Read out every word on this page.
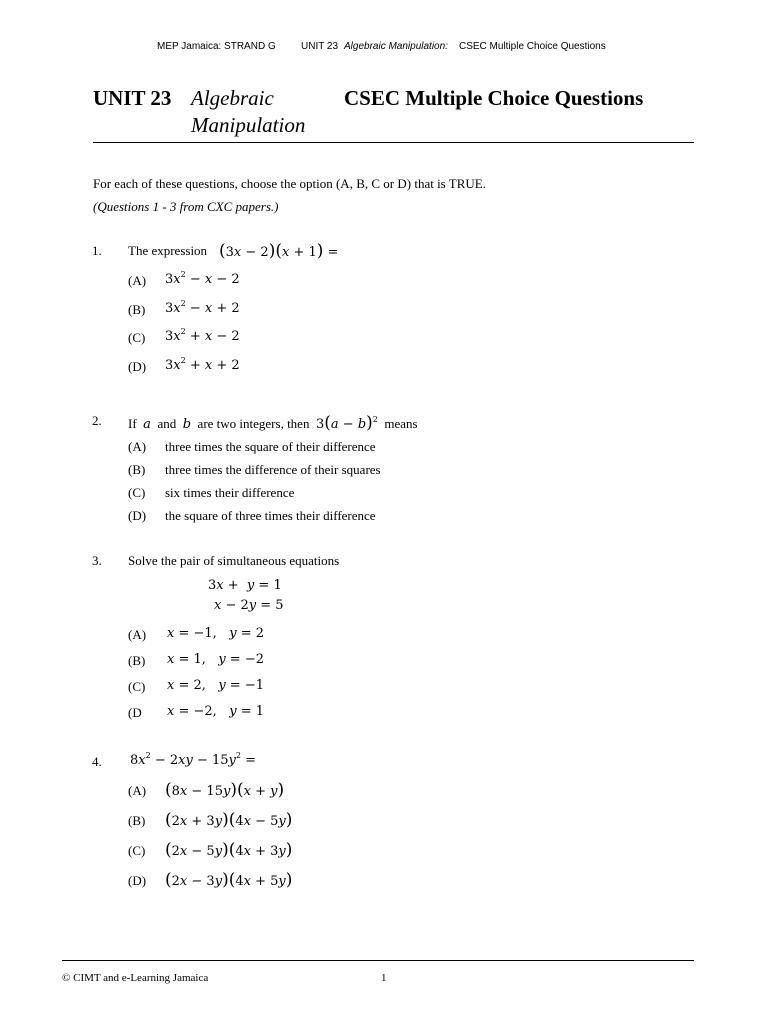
MEP Jamaica: STRAND G	UNIT 23 Algebraic Manipulation: CSEC Multiple Choice Questions
UNIT 23 Algebraic
Manipulation
CSEC Multiple Choice Questions
For each of these questions, choose the option (A, B, C or D) that is TRUE.
(Questions 1 - 3 from CXC papers.)
1. The expression (3x − 2)(x + 1) =
(A) $3x^2 - x - 2$
(B) $3x^2 - x + 2$
(C) $3x^2 + x - 2$
(D) $3x^2 + x + 2$
2. If a and b are two integers, then $3(a - b)^2$ means
(A) three times the square of their difference
(B) three times the difference of their squares
(C) six times their difference
(D) the square of three times their difference
3. Solve the pair of simultaneous equations
3x +  y = 1
x − 2y = 5
(A) x = −1,   y = 2
(B) x = 1,   y = −2
(C) x = 2,   y = −1
(D x = −2,   y = 1
4. $8x^2 - 2xy - 15y^2$ =
(A) (8x − 15y)(x + y)
(B) (2x + 3y)(4x − 5y)
(C) (2x − 5y)(4x + 3y)
(D) (2x − 3y)(4x + 5y)
© CIMT and e-Learning Jamaica	1
